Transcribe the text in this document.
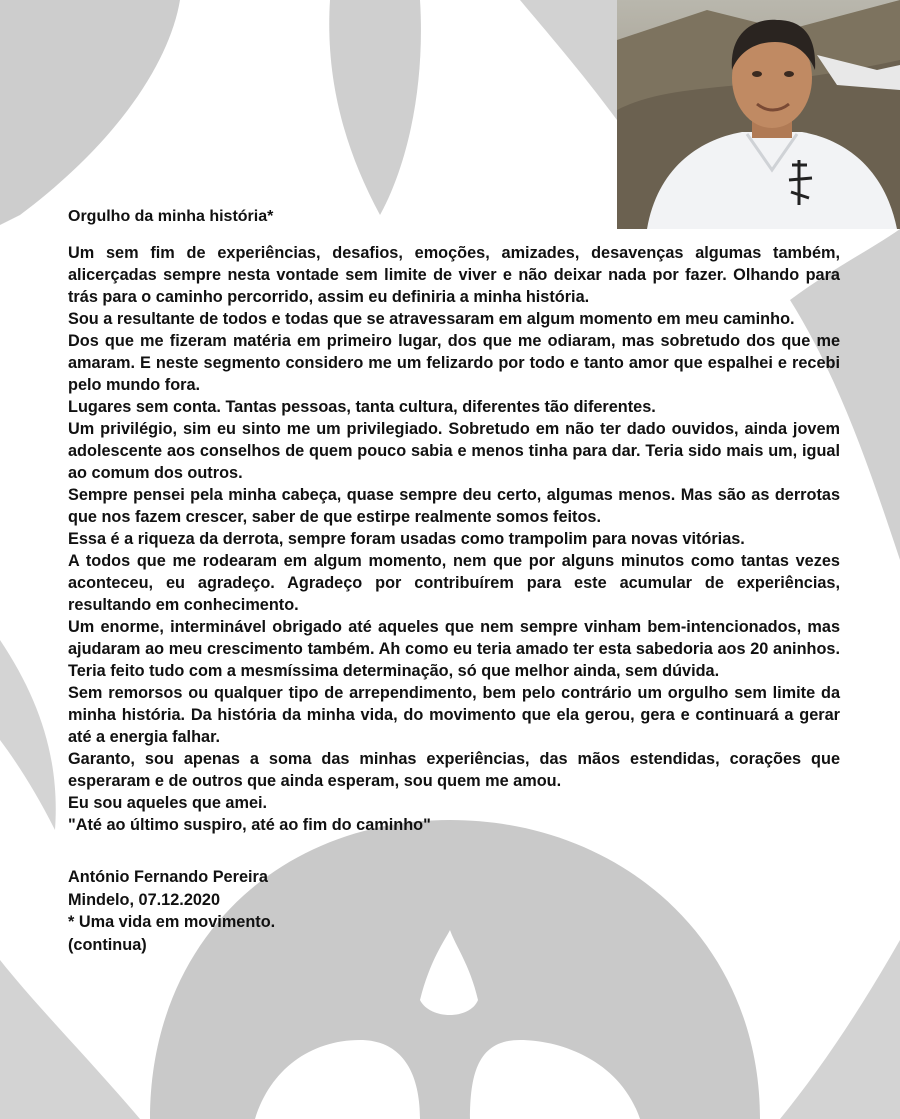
Orgulho da minha história*

Um sem fim de experiências, desafios, emoções, amizades, desavenças algumas também, alicerçadas sempre nesta vontade sem limite de viver e não deixar nada por fazer. Olhando para trás para o caminho percorrido, assim eu definiria a minha história.

Sou a resultante de todos e todas que se atravessaram em algum momento em meu caminho.

Dos que me fizeram matéria em primeiro lugar, dos que me odiaram, mas sobretudo dos que me amaram. E neste segmento considero me um felizardo por todo e tanto amor que espalhei e recebi pelo mundo fora.

Lugares sem conta. Tantas pessoas, tanta cultura, diferentes tão diferentes.

Um privilégio, sim eu sinto me um privilegiado. Sobretudo em não ter dado ouvidos, ainda jovem adolescente aos conselhos de quem pouco sabia e menos tinha para dar. Teria sido mais um, igual ao comum dos outros.

Sempre pensei pela minha cabeça, quase sempre deu certo, algumas menos. Mas são as derrotas que nos fazem crescer, saber de que estirpe realmente somos feitos.

Essa é a riqueza da derrota, sempre foram usadas como trampolim para novas vitórias.

A todos que me rodearam em algum momento, nem que por alguns minutos como tantas vezes aconteceu, eu agradeço. Agradeço por contribuírem para este acumular de experiências, resultando em conhecimento.

Um enorme, interminável obrigado até aqueles que nem sempre vinham bem-intencionados, mas ajudaram ao meu crescimento também. Ah como eu teria amado ter esta sabedoria aos 20 aninhos. Teria feito tudo com a mesmíssima determinação, só que melhor ainda, sem dúvida.

Sem remorsos ou qualquer tipo de arrependimento, bem pelo contrário um orgulho sem limite da minha história. Da história da minha vida, do movimento que ela gerou, gera e continuará a gerar até a energia falhar.

Garanto, sou apenas a soma das minhas experiências, das mãos estendidas, corações que esperaram e de outros que ainda esperam, sou quem me amou.

Eu sou aqueles que amei.

"Até ao último suspiro, até ao fim do caminho"

António Fernando Pereira
Mindelo, 07.12.2020
* Uma vida em movimento.
(continua)
